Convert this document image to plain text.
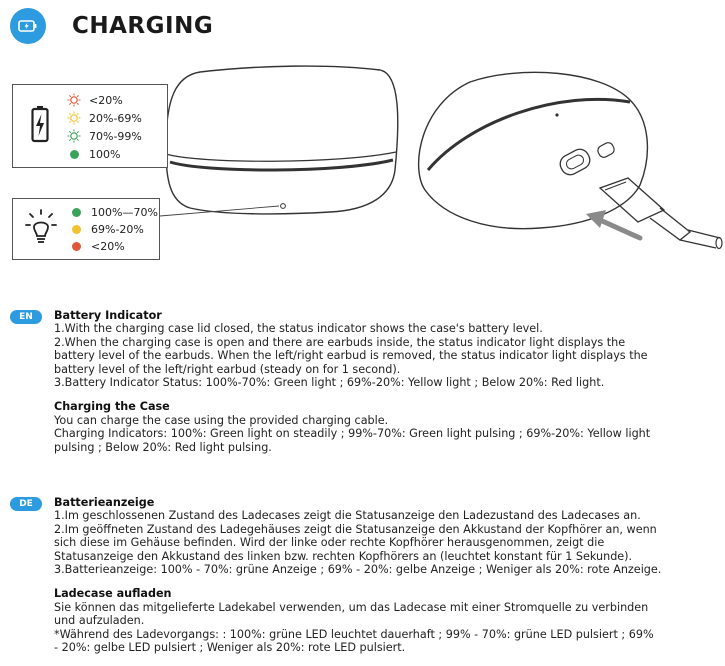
CHARGING
<20%
20%-69%
70%-99%
100%
100%—70%
69%-20%
<20%
EN	Battery Indicator
1.With the charging case lid closed, the status indicator shows the case's battery level.
2.When the charging case is open and there are earbuds inside, the status indicator light displays the
battery level of the earbuds. When the left/right earbud is removed, the status indicator light displays the
battery level of the left/right earbud (steady on for 1 second).
3.Battery Indicator Status: 100%-70%: Green light ; 69%-20%: Yellow light ; Below 20%: Red light.
Charging the Case
You can charge the case using the provided charging cable.
Charging Indicators: 100%: Green light on steadily ; 99%-70%: Green light pulsing ; 69%-20%: Yellow light
pulsing ; Below 20%: Red light pulsing.
DE	Batterieanzeige
1.Im geschlossenen Zustand des Ladecases zeigt die Statusanzeige den Ladezustand des Ladecases an.
2.Im geöffneten Zustand des Ladegehäuses zeigt die Statusanzeige den Akkustand der Kopfhörer an, wenn
sich diese im Gehäuse befinden. Wird der linke oder rechte Kopfhörer herausgenommen, zeigt die
Statusanzeige den Akkustand des linken bzw. rechten Kopfhörers an (leuchtet konstant für 1 Sekunde).
3.Batterieanzeige: 100% - 70%: grüne Anzeige ; 69% - 20%: gelbe Anzeige ; Weniger als 20%: rote Anzeige.
Ladecase aufladen
Sie können das mitgelieferte Ladekabel verwenden, um das Ladecase mit einer Stromquelle zu verbinden
und aufzuladen.
*Während des Ladevorgangs: : 100%: grüne LED leuchtet dauerhaft ; 99% - 70%: grüne LED pulsiert ; 69%
- 20%: gelbe LED pulsiert ; Weniger als 20%: rote LED pulsiert.
